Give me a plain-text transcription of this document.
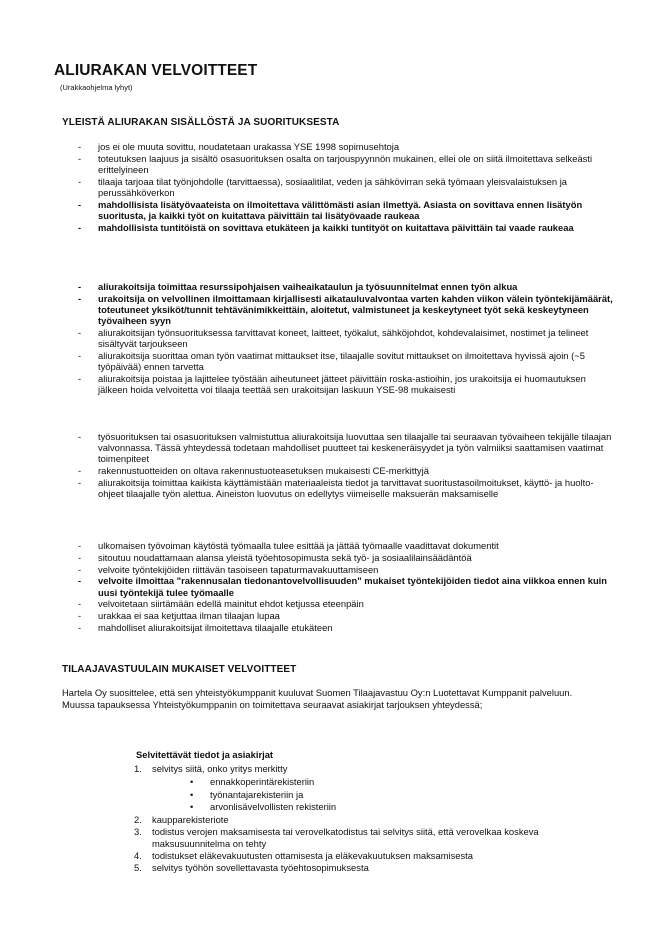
ALIURAKAN VELVOITTEET
(Urakkaohjelma lyhyt)
YLEISTÄ ALIURAKAN SISÄLLÖSTÄ JA SUORITUKSESTA
- jos ei ole muuta sovittu, noudatetaan urakassa YSE 1998 sopimusehtoja
- toteutuksen laajuus ja sisältö osasuorituksen osalta on tarjouspyynnön mukainen, ellei ole on siitä ilmoitettava selkeästi erittelyineen
- tilaaja tarjoaa tilat työnjohdolle (tarvittaessa), sosiaalitilat, veden ja sähkövirran sekä työmaan yleisvalaistuksen ja perussähköverkon
- mahdollisista lisätyövaateista on ilmoitettava välittömästi asian ilmettyä. Asiasta on sovittava ennen lisätyön suoritusta, ja kaikki työt on kuitattava päivittäin tai lisätyövaade raukeaa
- mahdollisista tuntitöistä on sovittava etukäteen ja kaikki tuntityöt on kuitattava päivittäin tai vaade raukeaa
- aliurakoitsija toimittaa resurssipohjaisen vaiheaikataulun ja työsuunnitelmat ennen työn alkua
- urakoitsija on velvollinen ilmoittamaan kirjallisesti aikatauluvalvontaa varten kahden viikon välein työntekijämäärät, toteutuneet yksiköt/tunnit tehtävänimikkeittäin, aloitetut, valmistuneet ja keskeytyneet työt sekä keskeytyneen työvaiheen syyn
- aliurakoitsijan työnsuorituksessa tarvittavat koneet, laitteet, työkalut, sähköjohdot, kohdevalaisimet, nostimet ja telineet sisältyvät tarjoukseen
- aliurakoitsija suorittaa oman työn vaatimat mittaukset itse, tilaajalle sovitut mittaukset on ilmoitettava hyvissä ajoin (~5 työpäivää) ennen tarvetta
- aliurakoitsija poistaa ja lajittelee työstään aiheutuneet jätteet päivittäin roska-astioihin, jos urakoitsija ei huomautuksen jälkeen hoida velvoitetta voi tilaaja teettää sen urakoitsijan laskuun YSE-98 mukaisesti
- työsuorituksen tai osasuorituksen valmistuttua aliurakoitsija luovuttaa sen tilaajalle tai seuraavan työvaiheen tekijälle tilaajan valvonnassa. Tässä yhteydessä todetaan mahdolliset puutteet tai keskeneräisyydet ja työn valmiiksi saattamisen vaatimat toimenpiteet
- rakennustuotteiden on oltava rakennustuoteasetuksen mukaisesti CE-merkittyjä
- aliurakoitsija toimittaa kaikista käyttämistään materiaaleista tiedot ja tarvittavat suoritustasoilmoitukset, käyttö- ja huolto-ohjeet tilaajalle työn alettua. Aineiston luovutus on edellytys viimeiselle maksuerän maksamiselle
- ulkomaisen työvoiman käytöstä työmaalla tulee esittää ja jättää työmaalle vaadittavat dokumentit
- sitoutuu noudattamaan alansa yleistä työehtosopimusta sekä työ- ja sosiaalilainsäädäntöä
- velvoite työntekijöiden riittävän tasoiseen tapaturmavakuuttamiseen
- velvoite ilmoittaa "rakennusalan tiedonantovelvollisuuden" mukaiset työntekijöiden tiedot aina viikkoa ennen kuin uusi työntekijä tulee työmaalle
- velvoitetaan siirtämään edellä mainitut ehdot ketjussa eteenpäin
- urakkaa ei saa ketjuttaa ilman tilaajan lupaa
- mahdolliset aliurakoitsijat ilmoitettava tilaajalle etukäteen
TILAAJAVASTUULAIN MUKAISET VELVOITTEET
Hartela Oy suosittelee, että sen yhteistyökumppanit kuuluvat Suomen Tilaajavastuu Oy:n Luotettavat Kumppanit palveluun. Muussa tapauksessa Yhteistyökumppanin on toimitettava seuraavat asiakirjat tarjouksen yhteydessä;
Selvitettävät tiedot ja asiakirjat
1. selvitys siitä, onko yritys merkitty
• ennakkoperintärekisteriin
• työnantajarekisteriin ja
• arvonlisävelvollisten rekisteriin
2. kaupparekisteriote
3. todistus verojen maksamisesta tai verovelkatodistus tai selvitys siitä, että verovelkaa koskeva maksusuunnitelma on tehty
4. todistukset eläkevakuutusten ottamisesta ja eläkevakuutuksen maksamisesta
5. selvitys työhön sovellettavasta työehtosopimuksesta
